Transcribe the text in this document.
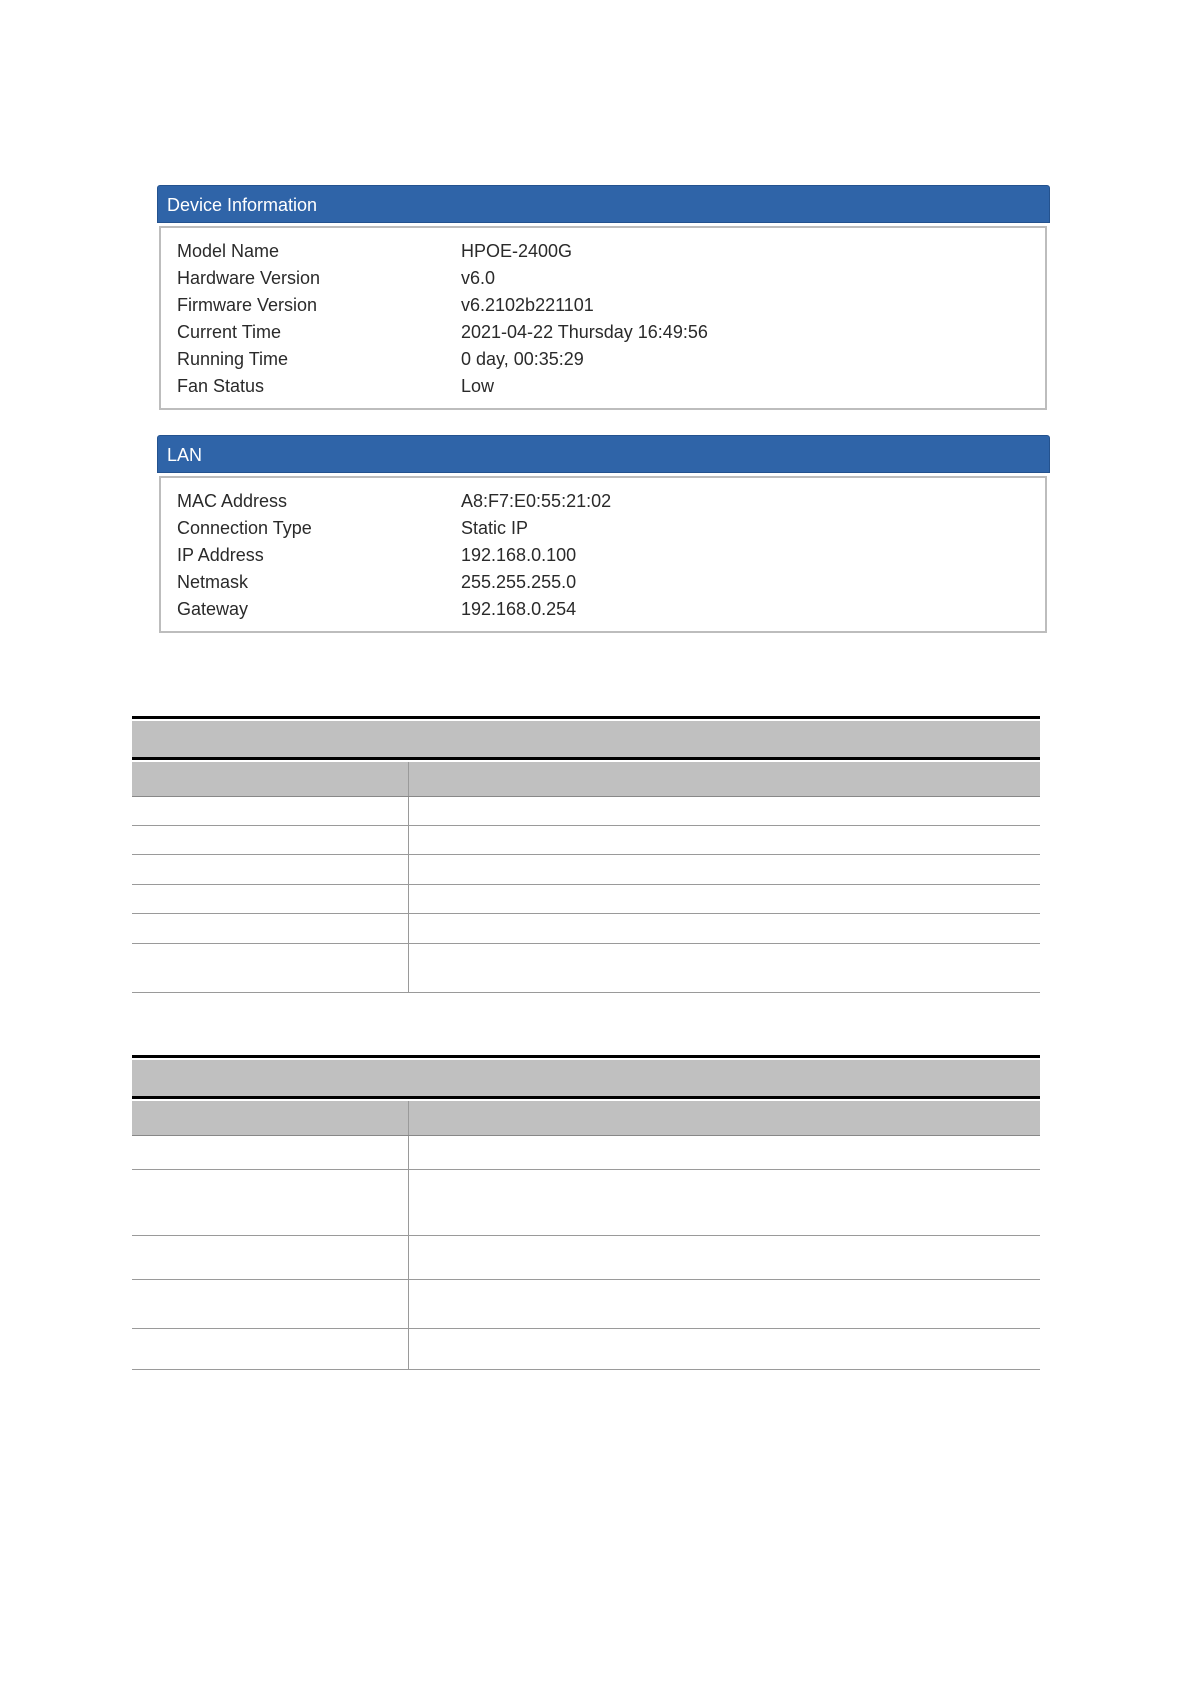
Device Information
Model Name	HPOE-2400G
Hardware Version	v6.0
Firmware Version	v6.2102b221101
Current Time	2021-04-22 Thursday 16:49:56
Running Time	0 day, 00:35:29
Fan Status	Low
LAN
MAC Address	A8:F7:E0:55:21:02
Connection Type	Static IP
IP Address	192.168.0.100
Netmask	255.255.255.0
Gateway	192.168.0.254
